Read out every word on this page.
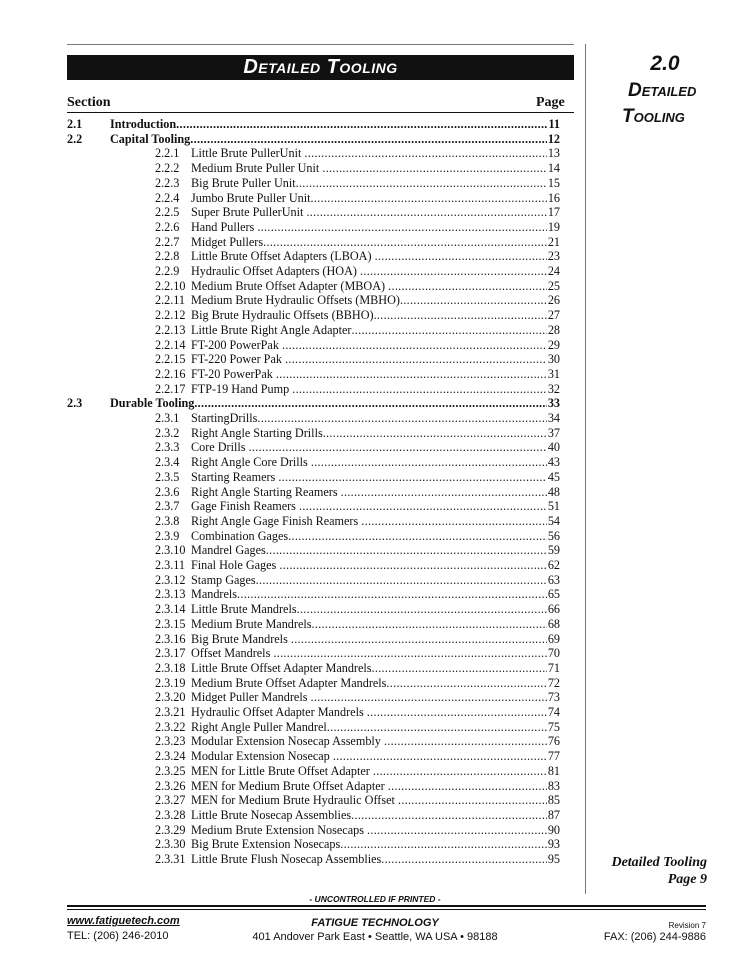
Detailed Tooling
Section	Page
2.1 Introduction .....	11
2.2 Capital Tooling .....	12
2.2.1 Little Brute PullerUnit .....	13
2.2.2 Medium Brute Puller Unit .....	14
2.2.3 Big Brute Puller Unit .....	15
2.2.4 Jumbo Brute Puller Unit .....	16
2.2.5 Super Brute PullerUnit .....	17
2.2.6 Hand Pullers .....	19
2.2.7 Midget Pullers .....	21
2.2.8 Little Brute Offset Adapters (LBOA) .....	23
2.2.9 Hydraulic Offset Adapters (HOA) .....	24
2.2.10 Medium Brute Offset Adapter (MBOA) .....	25
2.2.11 Medium Brute Hydraulic Offsets (MBHO) .....	26
2.2.12 Big Brute Hydraulic Offsets (BBHO) .....	27
2.2.13 Little Brute Right Angle Adapter .....	28
2.2.14 FT-200 PowerPak .....	29
2.2.15 FT-220 Power Pak .....	30
2.2.16 FT-20 PowerPak .....	31
2.2.17 FTP-19 Hand Pump .....	32
2.3 Durable Tooling .....	33
2.3.1 StartingDrills .....	34
2.3.2 Right Angle Starting Drills .....	37
2.3.3 Core Drills .....	40
2.3.4 Right Angle Core Drills .....	43
2.3.5 Starting Reamers .....	45
2.3.6 Right Angle Starting Reamers .....	48
2.3.7 Gage Finish Reamers .....	51
2.3.8 Right Angle Gage Finish Reamers .....	54
2.3.9 Combination Gages .....	56
2.3.10 Mandrel Gages .....	59
2.3.11 Final Hole Gages .....	62
2.3.12 Stamp Gages .....	63
2.3.13 Mandrels .....	65
2.3.14 Little Brute Mandrels .....	66
2.3.15 Medium Brute Mandrels .....	68
2.3.16 Big Brute Mandrels .....	69
2.3.17 Offset Mandrels .....	70
2.3.18 Little Brute Offset Adapter Mandrels .....	71
2.3.19 Medium Brute Offset Adapter Mandrels .....	72
2.3.20 Midget Puller Mandrels .....	73
2.3.21 Hydraulic Offset Adapter Mandrels .....	74
2.3.22 Right Angle Puller Mandrel .....	75
2.3.23 Modular Extension Nosecap Assembly .....	76
2.3.24 Modular Extension Nosecap .....	77
2.3.25 MEN for Little Brute Offset Adapter .....	81
2.3.26 MEN for Medium Brute Offset Adapter .....	83
2.3.27 MEN for Medium Brute Hydraulic Offset .....	85
2.3.28 Little Brute Nosecap Assemblies .....	87
2.3.29 Medium Brute Extension Nosecaps .....	90
2.3.30 Big Brute Extension Nosecaps .....	93
2.3.31 Little Brute Flush Nosecap Assemblies .....	95
2.0
Detailed
Tooling
Detailed Tooling
Page 9
- UNCONTROLLED IF PRINTED -
www.fatiguetech.com
TEL: (206) 246-2010
FATIGUE TECHNOLOGY
401 Andover Park East • Seattle, WA USA • 98188
Revision 7
FAX: (206) 244-9886
